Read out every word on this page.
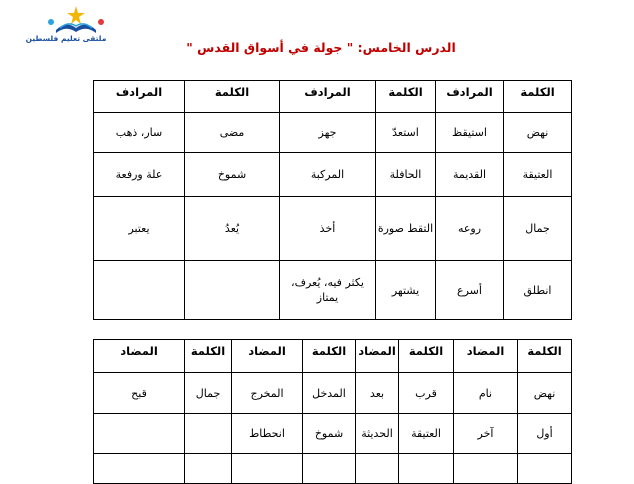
ملتقى تعليم فلسطين
الدرس الخامس: " جولة في أسواق القدس "
الكلمة	المرادف	الكلمة	المرادف	الكلمة	المرادف
نهض	استيقظ	استعدّ	جهز	مضى	سار، ذهب
العتيقة	القديمة	الحافلة	المركبة	شموخ	علة ورفعة
جمال	روعه	التقط صورة	أخذ	يُعدُ	يعتبر
انطلق	أسرع	يشتهر	يكثر فيه، يُعرف، يمتاز		
الكلمة	المضاد	الكلمة	المضاد	الكلمة	المضاد	الكلمة	المضاد
نهض	نام	قرب	بعد	المدخل	المخرج	جمال	قبح
أول	آخر	العتيقة	الحديثة	شموخ	انحطاط		
